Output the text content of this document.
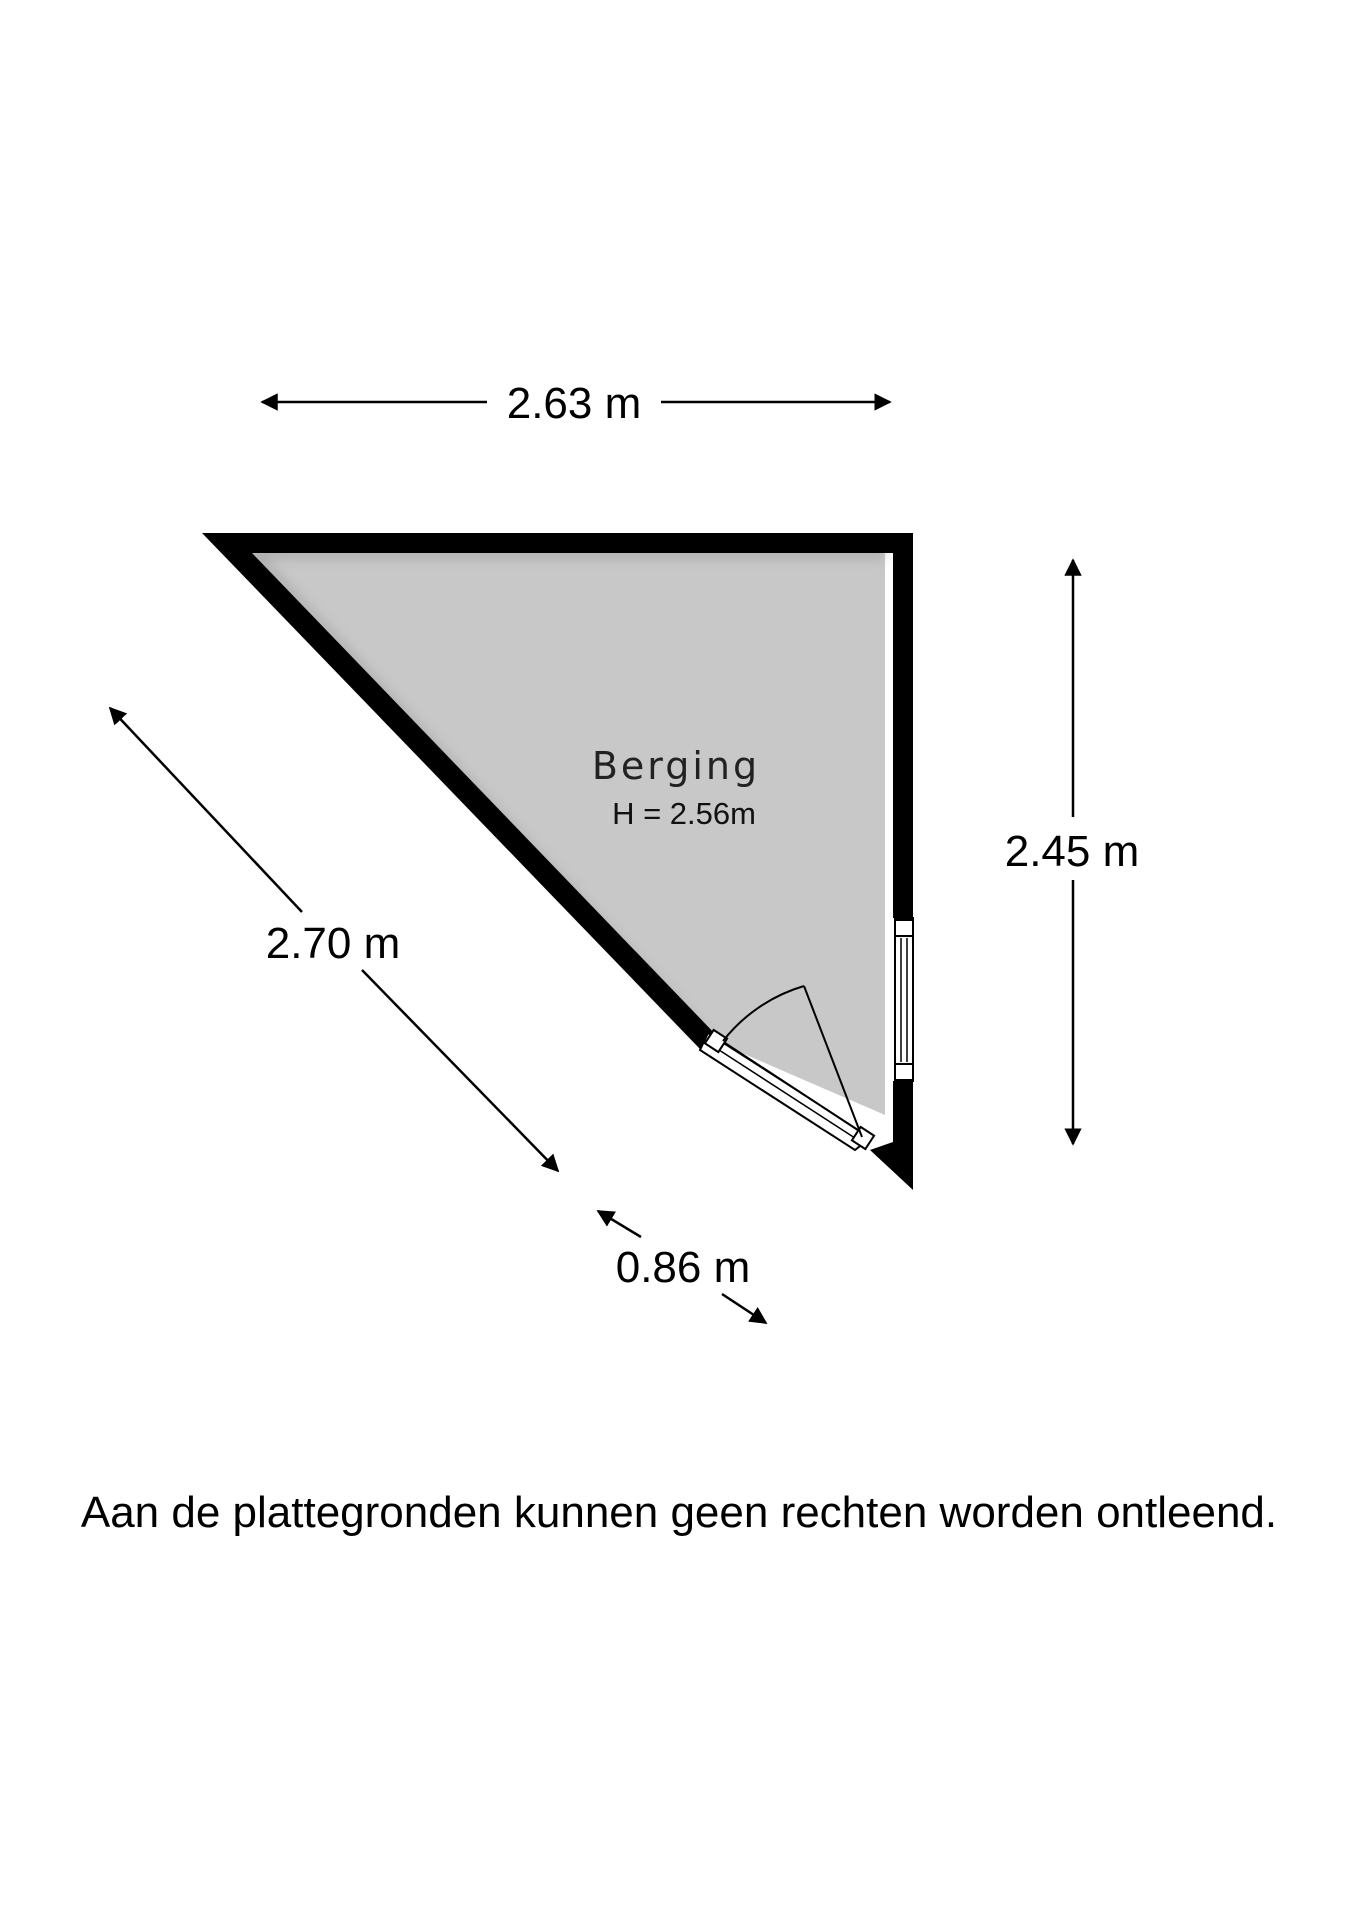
2.63 m
2.45 m
2.70 m
0.86 m
Berging
H = 2.56m
Aan de plattegronden kunnen geen rechten worden ontleend.
